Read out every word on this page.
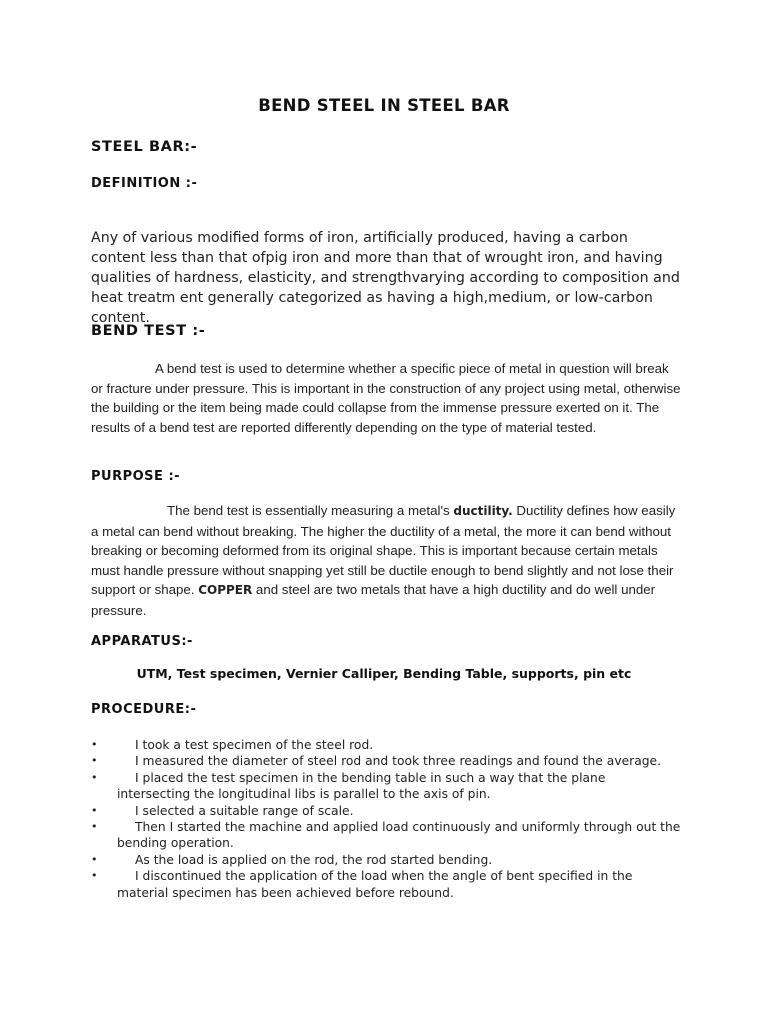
BEND STEEL IN STEEL BAR
STEEL BAR:-
DEFINITION :-
Any of various modified forms of iron, artificially produced, having a carbon content less than that ofpig iron and more than that of wrought iron, and having qualities of hardness, elasticity, and strengthvarying according to composition and heat treatm ent generally categorized as having a high,medium, or low-carbon content.
BEND TEST :-
A bend test is used to determine whether a specific piece of metal in question will break or fracture under pressure. This is important in the construction of any project using metal, otherwise the building or the item being made could collapse from the immense pressure exerted on it. The results of a bend test are reported differently depending on the type of material tested.
PURPOSE :-
The bend test is essentially measuring a metal's ductility. Ductility defines how easily a metal can bend without breaking. The higher the ductility of a metal, the more it can bend without breaking or becoming deformed from its original shape. This is important because certain metals must handle pressure without snapping yet still be ductile enough to bend slightly and not lose their support or shape. COPPER and steel are two metals that have a high ductility and do well under pressure.
APPARATUS:-
UTM, Test specimen, Vernier Calliper, Bending Table, supports, pin etc
PROCEDURE:-
•	I took a test specimen of the steel rod.
•	I measured the diameter of steel rod and took three readings and found the average.
•	I placed the test specimen in the bending table in such a way that the plane intersecting the longitudinal libs is parallel to the axis of pin.
•	I selected a suitable range of scale.
•	Then I started the machine and applied load continuously and uniformly through out the bending operation.
•	As the load is applied on the rod, the rod started bending.
•	I discontinued the application of the load when the angle of bent specified in the material specimen has been achieved before rebound.
